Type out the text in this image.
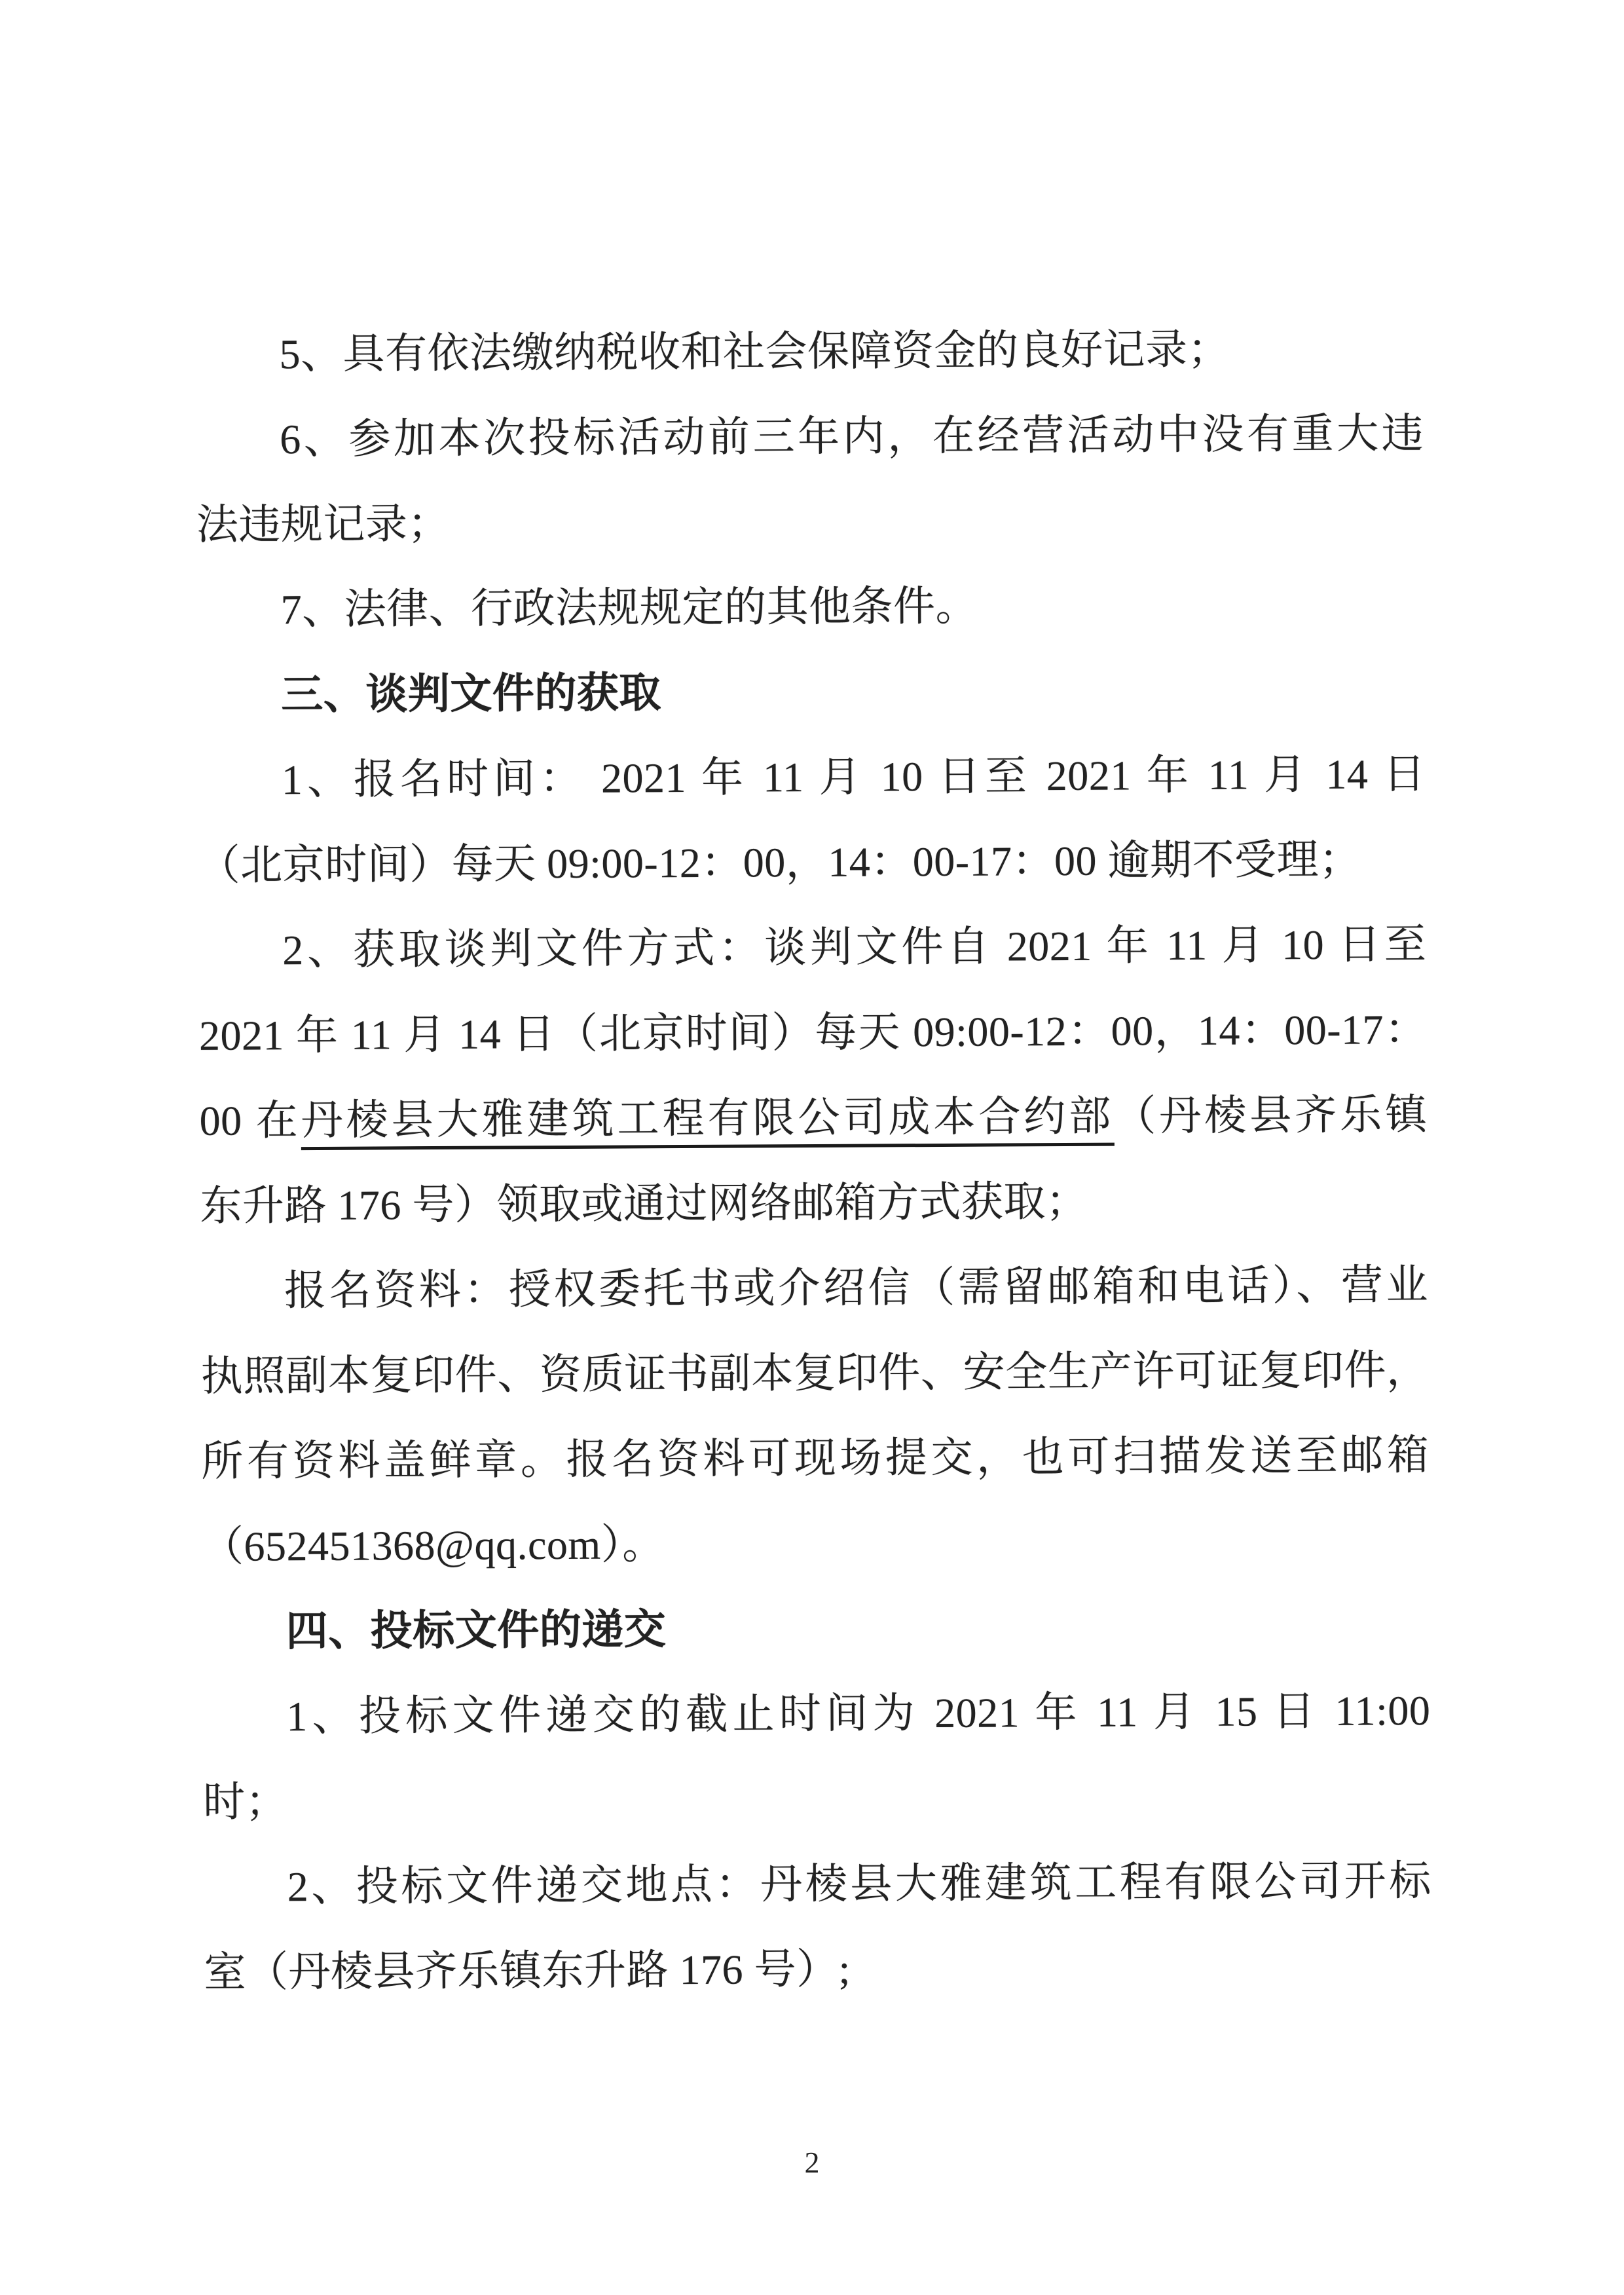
5、具有依法缴纳税收和社会保障资金的良好记录；
6、参加本次投标活动前三年内，在经营活动中没有重大违
法违规记录；
7、法律、行政法规规定的其他条件。
三、谈判文件的获取
1、报名时间： 2021 年 11 月 10 日至 2021 年 11 月 14 日
（北京时间）每天 09:00-12：00，14：00-17：00 逾期不受理；
2、获取谈判文件方式：谈判文件自 2021 年 11 月 10 日至
2021 年 11 月 14 日（北京时间）每天 09:00-12：00，14：00-17：
00 在丹棱县大雅建筑工程有限公司成本合约部（丹棱县齐乐镇
东升路 176 号）领取或通过网络邮箱方式获取；
报名资料：授权委托书或介绍信（需留邮箱和电话）、营业
执照副本复印件、资质证书副本复印件、安全生产许可证复印件，
所有资料盖鲜章。报名资料可现场提交，也可扫描发送至邮箱
（652451368@qq.com）。
四、投标文件的递交
1、投标文件递交的截止时间为 2021 年 11 月 15 日 11:00
时；
2、投标文件递交地点：丹棱县大雅建筑工程有限公司开标
室（丹棱县齐乐镇东升路 176 号）;
2
